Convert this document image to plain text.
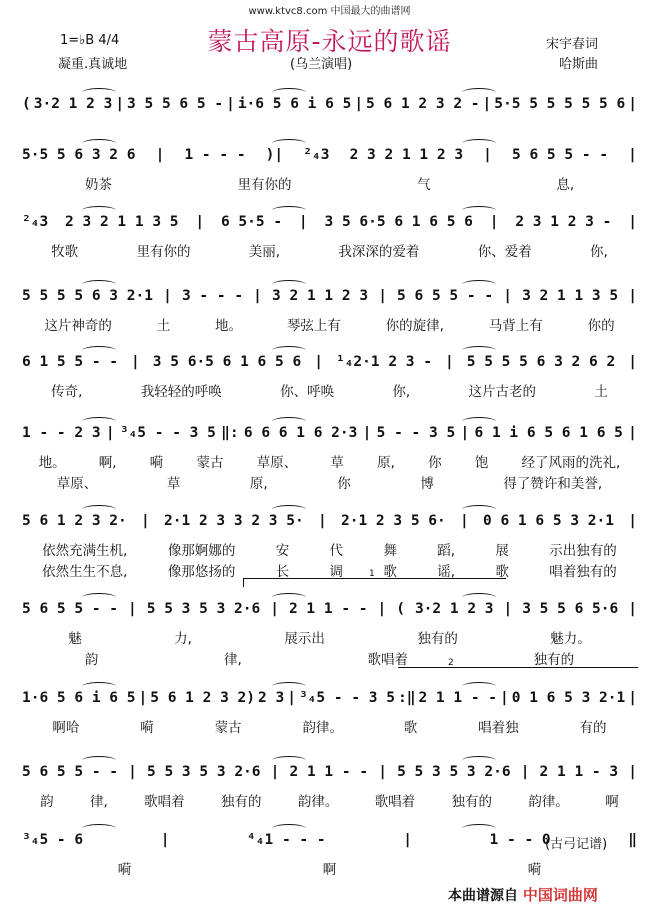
www.ktvc8.com 中国最大的曲谱网
蒙古高原-永远的歌谣
1=♭B 4/4
凝重.真诚地	(乌兰演唱)
宋宇春词
哈斯曲
( 3·2 1 2 3 | 3 5 5 6 5 - | i·6 5 6 i 6 5 | 5 6 1 2 3 2 - | 5·5 5 5 5 5 5 6 |
5·5 5 6 3 2 6 | 1 - - - )| ²₄3 2 3 2 1 1 2 3 | 5 6 5 5 - - |
奶茶	里有你的	气	息,
²₄3 2 3 2 1 1 3 5 | 6 5·5 - | 3 5 6·5 6 1 6 5 6 | 2 3 1 2 3 - |
牧歌	里有你的	美丽,	我深深的爱着	你、爱着	你,
5 5 5 5 6 3 2·1 | 3 - - - | 3 2 1 1 2 3 | 5 6 5 5 - - | 3 2 1 1 3 5 |
这片神奇的	土	地。	琴弦上有	你的旋律,	马背上有	你的
6 1 5 5 - - | 3 5 6·5 6 1 6 5 6 | ¹₄2·1 2 3 - | 5 5 5 5 6 3 2 6 2 |
传奇,	我轻轻的呼唤	你、呼唤	你,	这片古老的	土
1 - - 2 3 | ³₄5 - - 3 5 ‖: 6 6 6 1 6 2·3 | 5 - - 3 5 | 6 1 i 6 5 6 1 6 5 |
地。 啊, 嗬 蒙古 草原、 草 原, 你 饱 经了风雨的洗礼,
草原、	草	原,	你	博	得了赞许和美誉,
5 6 1 2 3 2· | 2·1 2 3 3 2 3 5· | 2·1 2 3 5 6· | 0 6 1 6 5 3 2·1 |
依然充满生机,	像那婀娜的	安	代	舞	蹈,	展	示出独有的
依然生生不息,	像那悠扬的	长	调	歌	谣,	歌	唱着独有的
5 6 5 5 - - | 5 5 3 5 3 2·6 | 2 1 1 - - | ( 3·2 1 2 3 | 3 5 5 6 5·6 |
魅	力,	展示出	独有的	魅力。
韵	律,	歌唱着	独有的
1·6 5 6 i 6 5 | 5 6 1 2 3 2) 2 3 | ³₄5 - - 3 5 :‖ 2 1 1 - - | 0 1 6 5 3 2·1 |
啊哈	嗬	蒙古	韵律。	歌	唱着独	有的
5 6 5 5 - - | 5 5 3 5 3 2·6 | 2 1 1 - - | 5 5 3 5 3 2·6 | 2 1 1 - 3 |
韵	律,	歌唱着	独有的	韵律。	歌唱着	独有的	韵律。	啊
³₄5 - 6	|	⁴₄1 - - -	|	1 - - 0	‖
嗬	啊	嗬
1
2
(古弓记谱)
本曲谱源自 中国词曲网
